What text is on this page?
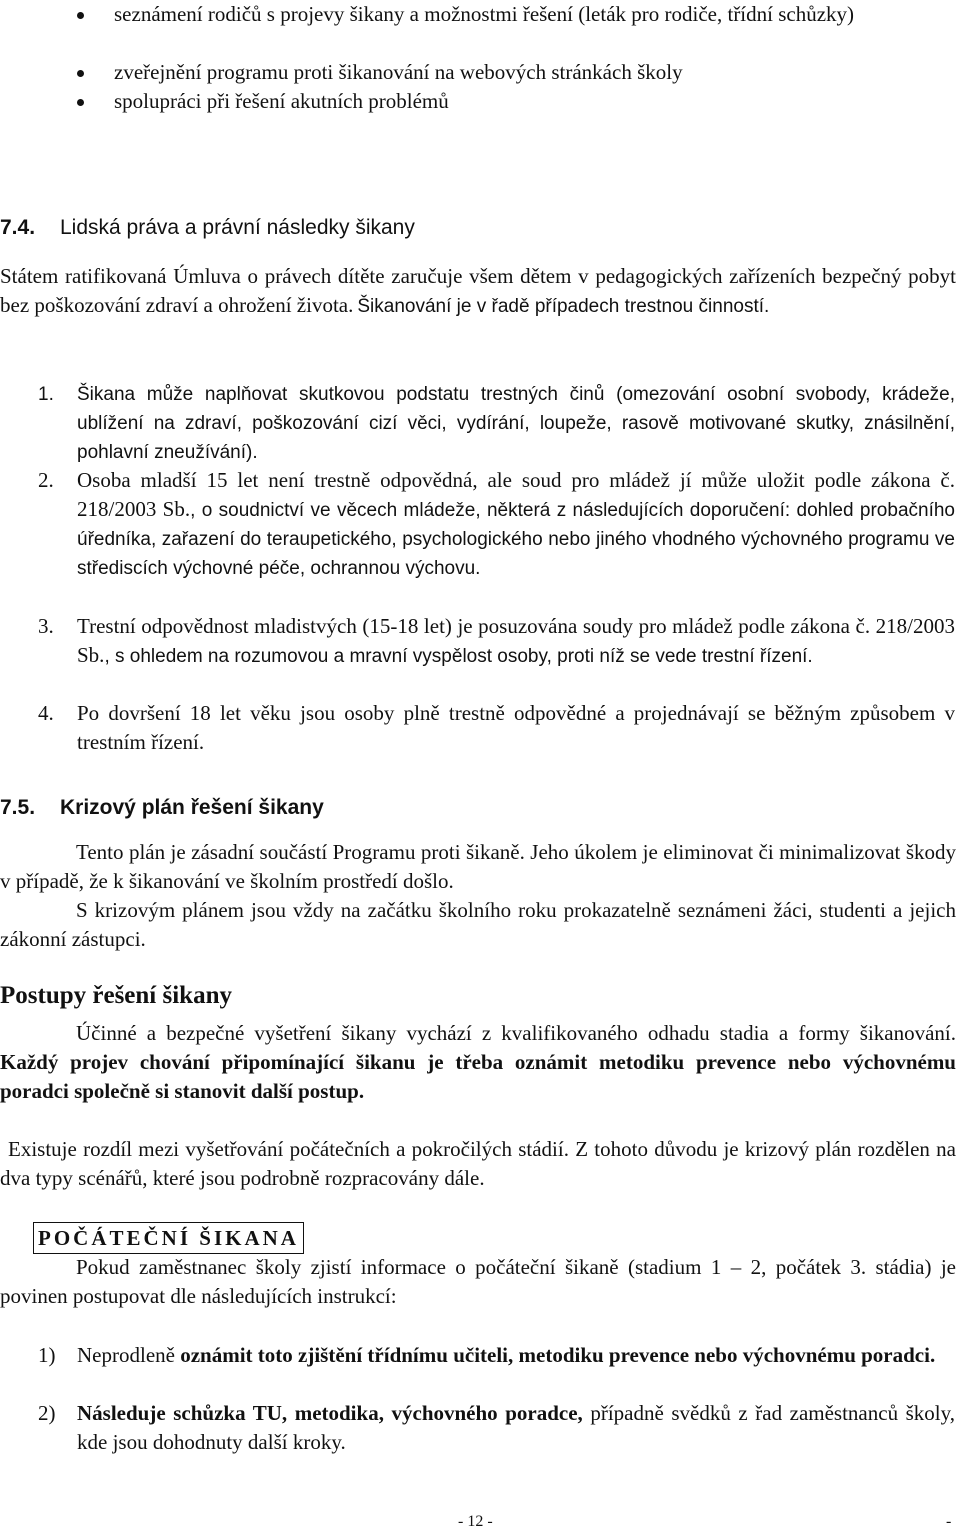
seznámení rodičů s projevy šikany a možnostmi řešení (leták pro rodiče, třídní schůzky)
zveřejnění programu proti šikanování na webových stránkách školy
spolupráci při řešení akutních problémů
7.4. Lidská práva a právní následky šikany
Státem ratifikovaná Úmluva o právech dítěte zaručuje všem dětem v pedagogických zařízeních bezpečný pobyt bez poškozování zdraví a ohrožení života. Šikanování je v řadě případech trestnou činností.
1. Šikana může naplňovat skutkovou podstatu trestných činů (omezování osobní svobody, krádeže, ublížení na zdraví, poškozování cizí věci, vydírání, loupeže, rasově motivované skutky, znásilnění, pohlavní zneužívání).
2. Osoba mladší 15 let není trestně odpovědná, ale soud pro mládež jí může uložit podle zákona č. 218/2003 Sb., o soudnictví ve věcech mládeže, některá z následujících doporučení: dohled probačního úředníka, zařazení do teraupetického, psychologického nebo jiného vhodného výchovného programu ve střediscích výchovné péče, ochrannou výchovu.
3. Trestní odpovědnost mladistvých (15-18 let) je posuzována soudy pro mládež podle zákona č. 218/2003 Sb., s ohledem na rozumovou a mravní vyspělost osoby, proti níž se vede trestní řízení.
4. Po dovršení 18 let věku jsou osoby plně trestně odpovědné a projednávají se běžným způsobem v trestním řízení.
7.5. Krizový plán řešení šikany
Tento plán je zásadní součástí Programu proti šikaně. Jeho úkolem je eliminovat či minimalizovat škody v případě, že k šikanování ve školním prostředí došlo.
S krizovým plánem jsou vždy na začátku školního roku prokazatelně seznámeni žáci, studenti a jejich zákonní zástupci.
Postupy řešení šikany
Účinné a bezpečné vyšetření šikany vychází z kvalifikovaného odhadu stadia a formy šikanování. Každý projev chování připomínající šikanu je třeba oznámit metodiku prevence nebo výchovnému poradci společně si stanovit další postup.
Existuje rozdíl mezi vyšetřování počátečních a pokročilých stádií. Z tohoto důvodu je krizový plán rozdělen na dva typy scénářů, které jsou podrobně rozpracovány dále.
POČÁTEČNÍ ŠIKANA
Pokud zaměstnanec školy zjistí informace o počáteční šikaně (stadium 1 – 2, počátek 3. stádia) je povinen postupovat dle následujících instrukcí:
1) Neprodleně oznámit toto zjištění třídnímu učiteli, metodiku prevence nebo výchovnému poradci.
2) Následuje schůzka TU, metodika, výchovného poradce, případně svědků z řad zaměstnanců školy, kde jsou dohodnuty další kroky.
- 12 -	-
